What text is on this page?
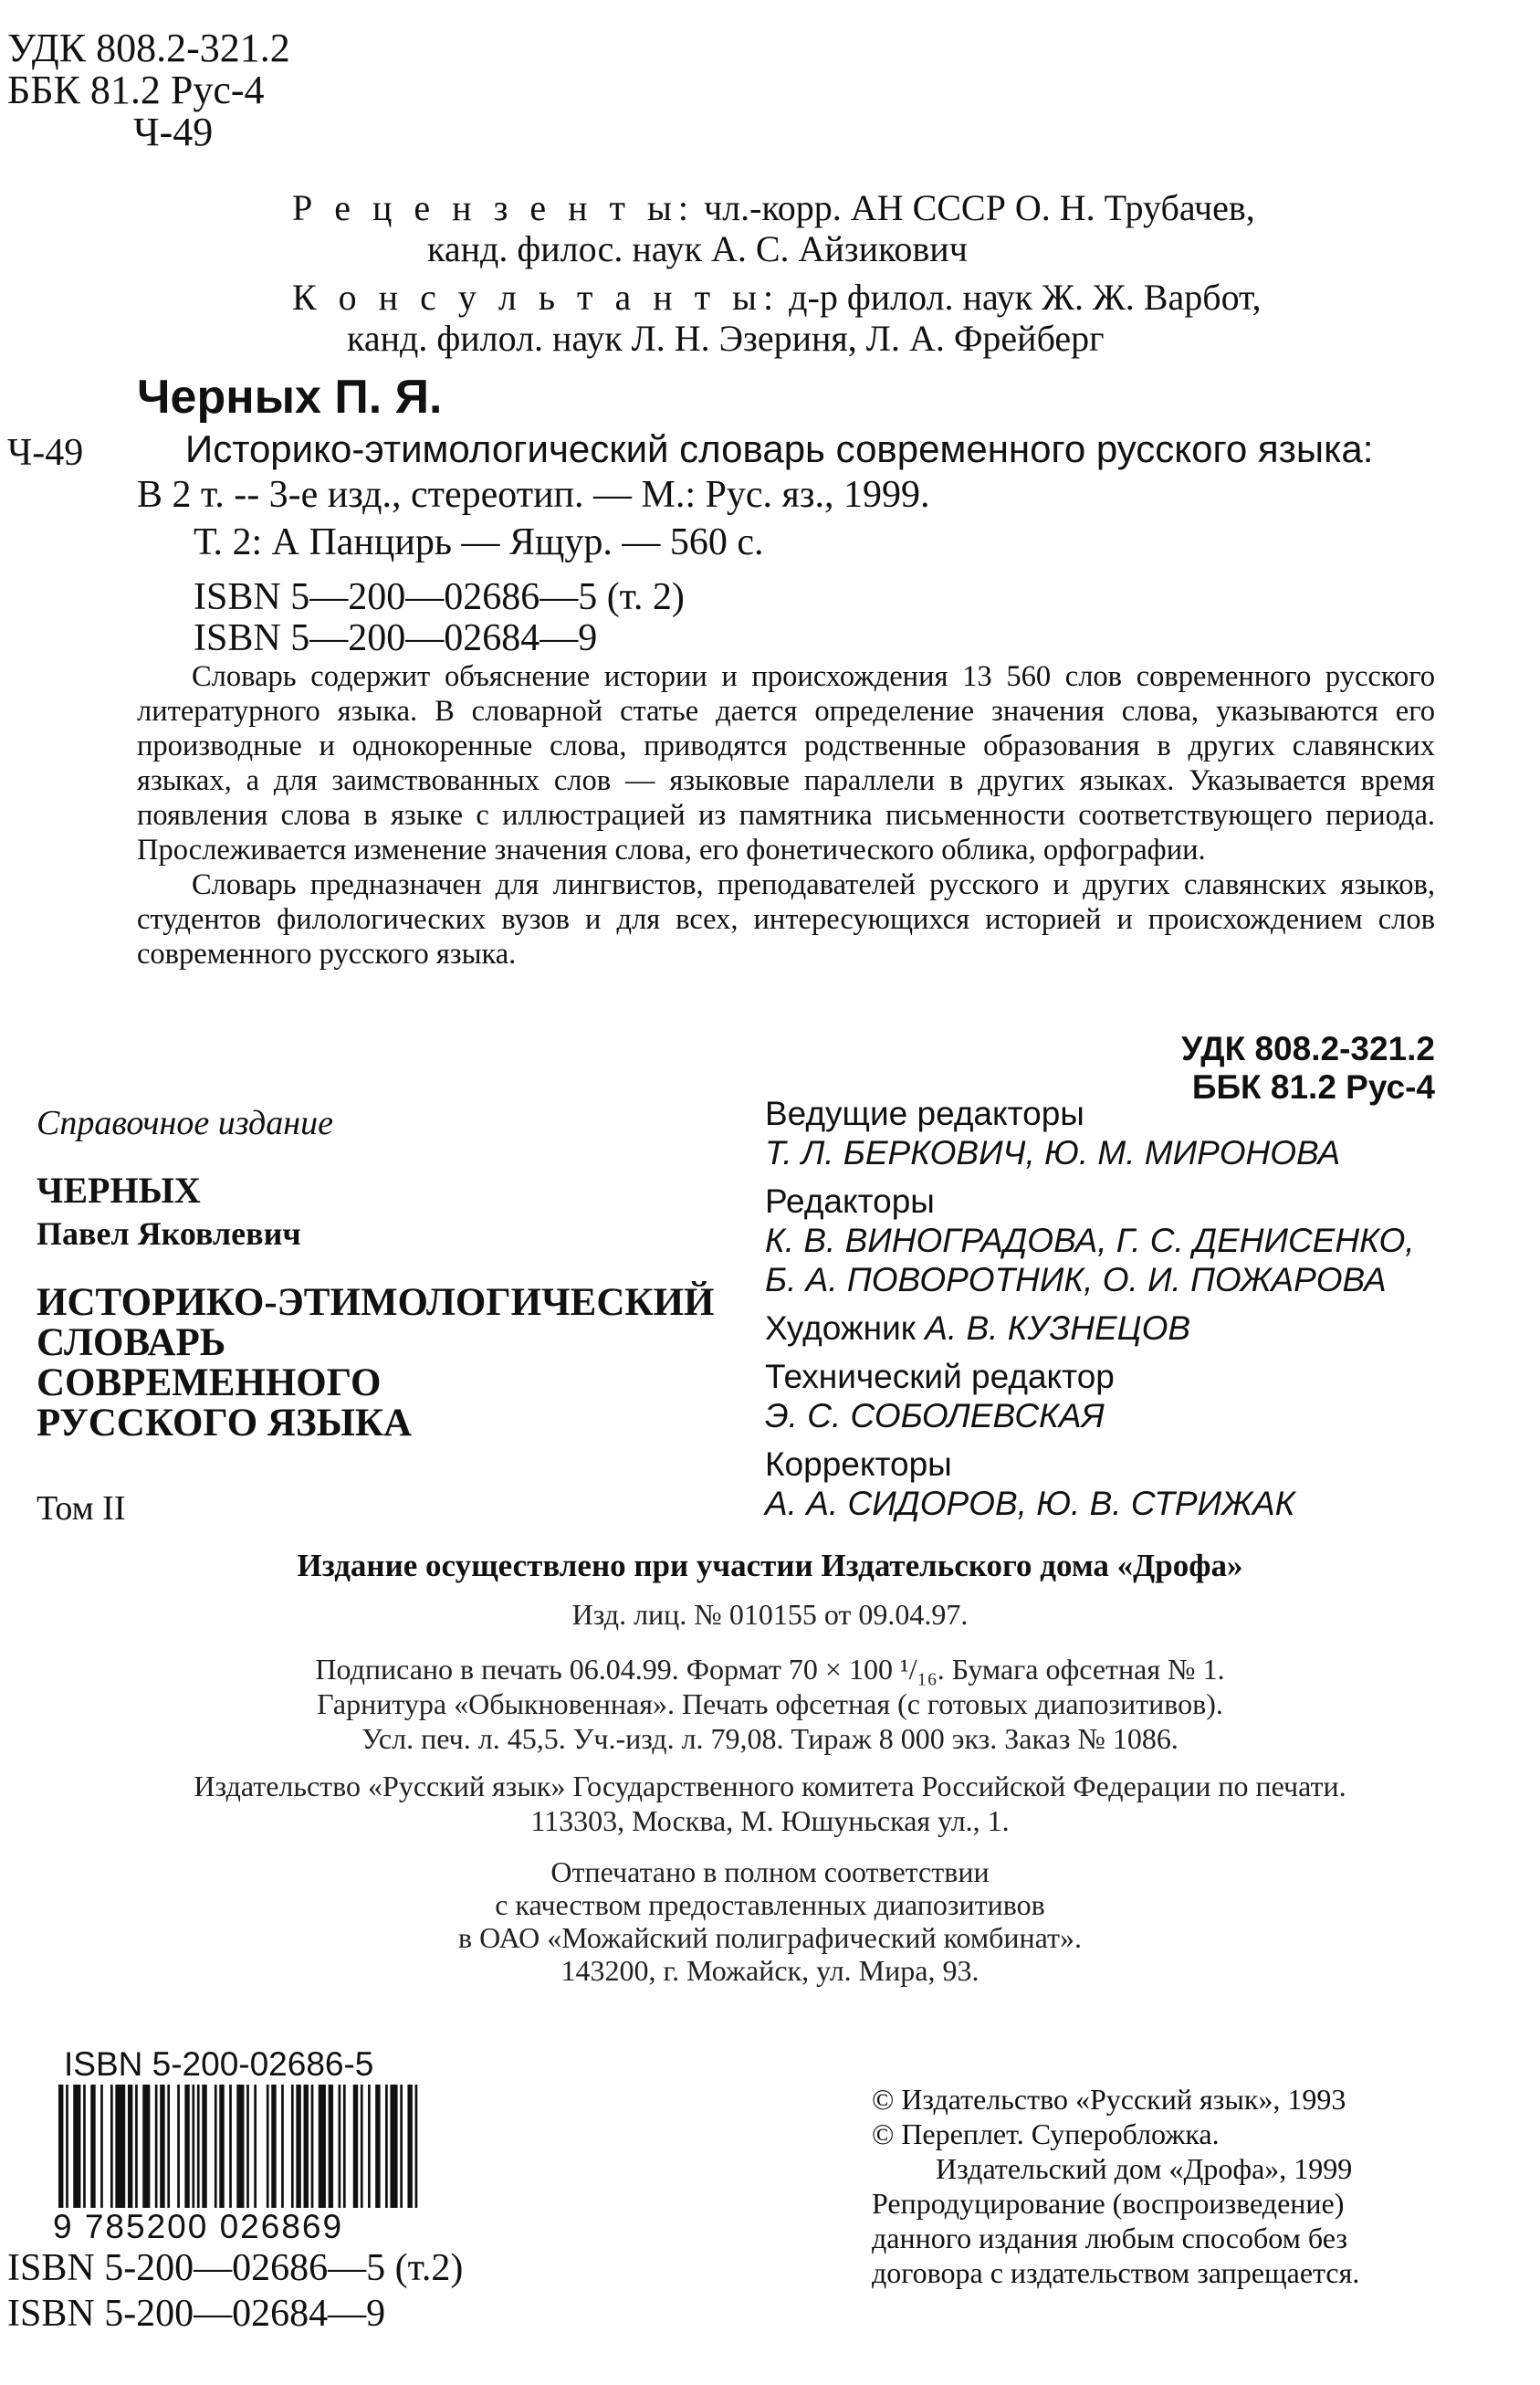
УДК 808.2-321.2
ББК 81.2 Рус-4
Ч-49
Р е ц е н з е н т ы: чл.-корр. АН СССР О. Н. Трубачев,
канд. филос. наук А. С. Айзикович
К о н с у л ь т а н т ы: д-р филол. наук Ж. Ж. Варбот,
канд. филол. наук Л. Н. Эзериня, Л. А. Фрейберг
Черных П. Я.
Ч-49	Историко-этимологический словарь современного русского языка:
В 2 т. -- 3-е изд., стереотип. — М.: Рус. яз., 1999.
Т. 2: А Панцирь — Ящур. — 560 с.
ISBN 5—200—02686—5 (т. 2)
ISBN 5—200—02684—9

Словарь содержит объяснение истории и происхождения 13 560 слов современного русского литературного языка. В словарной статье дается определение значения слова, указываются его производные и однокоренные слова, приводятся родственные образования в других славянских языках, а для заимствованных слов — языковые параллели в других языках. Указывается время появления слова в языке с иллюстрацией из памятника письменности соответствующего периода. Прослеживается изменение значения слова, его фонетического облика, орфографии.

Словарь предназначен для лингвистов, преподавателей русского и других славянских языков, студентов филологических вузов и для всех, интересующихся историей и происхождением слов современного русского языка.

УДК 808.2-321.2
ББК 81.2 Рус-4
Справочное издание
ЧЕРНЫХ
Павел Яковлевич
ИСТОРИКО-ЭТИМОЛОГИЧЕСКИЙ
СЛОВАРЬ
СОВРЕМЕННОГО
РУССКОГО ЯЗЫКА
Том II
Ведущие редакторы
Т. Л. БЕРКОВИЧ, Ю. М. МИРОНОВА
Редакторы
К. В. ВИНОГРАДОВА, Г. С. ДЕНИСЕНКО,
Б. А. ПОВОРОТНИК, О. И. ПОЖАРОВА
Художник А. В. КУЗНЕЦОВ
Технический редактор
Э. С. СОБОЛЕВСКАЯ
Корректоры
А. А. СИДОРОВ, Ю. В. СТРИЖАК
Издание осуществлено при участии Издательского дома «Дрофа»
Изд. лиц. № 010155 от 09.04.97.
Подписано в печать 06.04.99. Формат 70 × 100 ¹/₁₆. Бумага офсетная № 1.
Гарнитура «Обыкновенная». Печать офсетная (с готовых диапозитивов).
Усл. печ. л. 45,5. Уч.-изд. л. 79,08. Тираж 8 000 экз. Заказ № 1086.
Издательство «Русский язык» Государственного комитета Российской Федерации по печати.
113303, Москва, М. Юшуньская ул., 1.
Отпечатано в полном соответствии
с качеством предоставленных диапозитивов
в ОАО «Можайский полиграфический комбинат».
143200, г. Можайск, ул. Мира, 93.
ISBN 5-200-02686-5
9 785200 026869
ISBN 5-200—02686—5 (т.2)
ISBN 5-200—02684—9
© Издательство «Русский язык», 1993
© Переплет. Суперобложка.
Издательский дом «Дрофа», 1999
Репродуцирование (воспроизведение)
данного издания любым способом без
договора с издательством запрещается.
